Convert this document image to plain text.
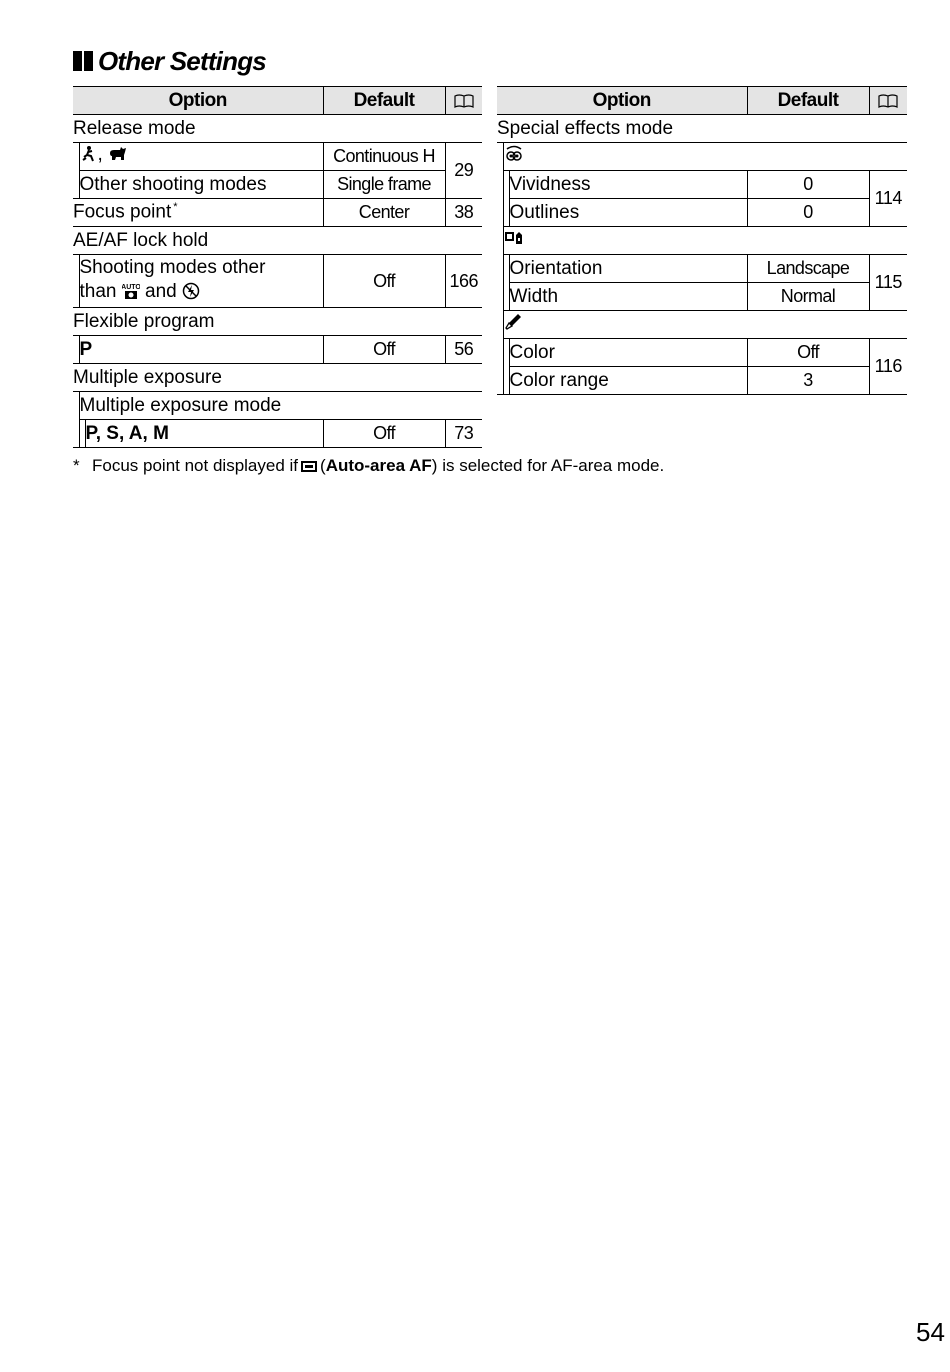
Other Settings
Option			Default	
Release mode				
	,		Continuous H	29
	Other shooting modes		Single frame	
Focus point *			Center	38
AE/AF lock hold				
	Shooting modes other
than AUTO and		Off	166
Flexible program				
	P		Off	56
Multiple exposure				
	Multiple exposure mode			
		P, S, A, M	Off	73
Option			Default	
Special effects mode				

		Vividness	0	114
		Outlines	0	

		Orientation	Landscape	115
		Width	Normal	

		Color	Off	116
		Color range	3	
* Focus point not displayed if ( Auto-area AF ) is selected for AF-area mode.
54
